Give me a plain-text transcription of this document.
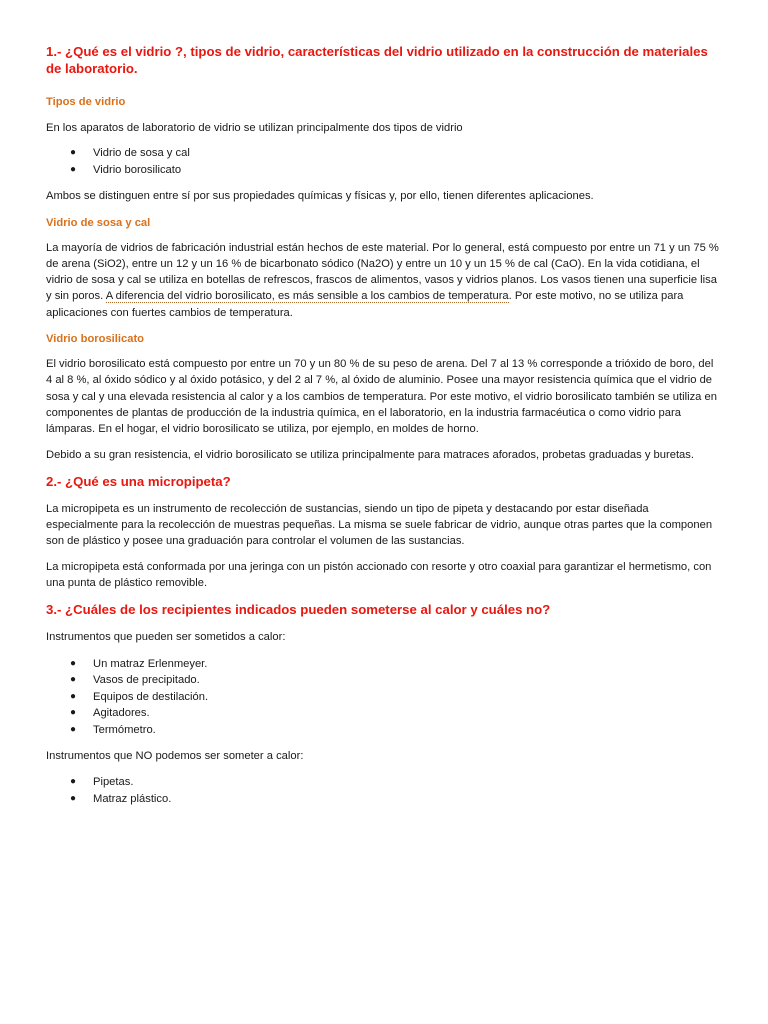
1.- ¿Qué es el vidrio ?, tipos de vidrio, características del vidrio utilizado en la construcción de materiales de laboratorio.
Tipos de vidrio

En los aparatos de laboratorio de vidrio se utilizan principalmente dos tipos de vidrio

● Vidrio de sosa y cal
● Vidrio borosilicato

Ambos se distinguen entre sí por sus propiedades químicas y físicas y, por ello, tienen diferentes aplicaciones.

Vidrio de sosa y cal

La mayoría de vidrios de fabricación industrial están hechos de este material. Por lo general, está compuesto por entre un 71 y un 75 % de arena (SiO2), entre un 12 y un 16 % de bicarbonato sódico (Na2O) y entre un 10 y un 15 % de cal (CaO). En la vida cotidiana, el vidrio de sosa y cal se utiliza en botellas de refrescos, frascos de alimentos, vasos y vidrios planos. Los vasos tienen una superficie lisa y sin poros. A diferencia del vidrio borosilicato, es más sensible a los cambios de temperatura. Por este motivo, no se utiliza para aplicaciones con fuertes cambios de temperatura.

Vidrio borosilicato

El vidrio borosilicato está compuesto por entre un 70 y un 80 % de su peso de arena. Del 7 al 13 % corresponde a trióxido de boro, del 4 al 8 %, al óxido sódico y al óxido potásico, y del 2 al 7 %, al óxido de aluminio. Posee una mayor resistencia química que el vidrio de sosa y cal y una elevada resistencia al calor y a los cambios de temperatura. Por este motivo, el vidrio borosilicato también se utiliza en componentes de plantas de producción de la industria química, en el laboratorio, en la industria farmacéutica o como vidrio para lámparas. En el hogar, el vidrio borosilicato se utiliza, por ejemplo, en moldes de horno.

Debido a su gran resistencia, el vidrio borosilicato se utiliza principalmente para matraces aforados, probetas graduadas y buretas.

2.- ¿Qué es una micropipeta?

La micropipeta es un instrumento de recolección de sustancias, siendo un tipo de pipeta y destacando por estar diseñada especialmente para la recolección de muestras pequeñas. La misma se suele fabricar de vidrio, aunque otras partes que la componen son de plástico y posee una graduación para controlar el volumen de las sustancias.

La micropipeta está conformada por una jeringa con un pistón accionado con resorte y otro coaxial para garantizar el hermetismo, con una punta de plástico removible.

3.- ¿Cuáles de los recipientes indicados pueden someterse al calor y cuáles no?

Instrumentos que pueden ser sometidos a calor:

● Un matraz Erlenmeyer.
● Vasos de precipitado.
● Equipos de destilación.
● Agitadores.
● Termómetro.

Instrumentos que NO podemos ser someter a calor:

● Pipetas.
● Matraz plástico.
